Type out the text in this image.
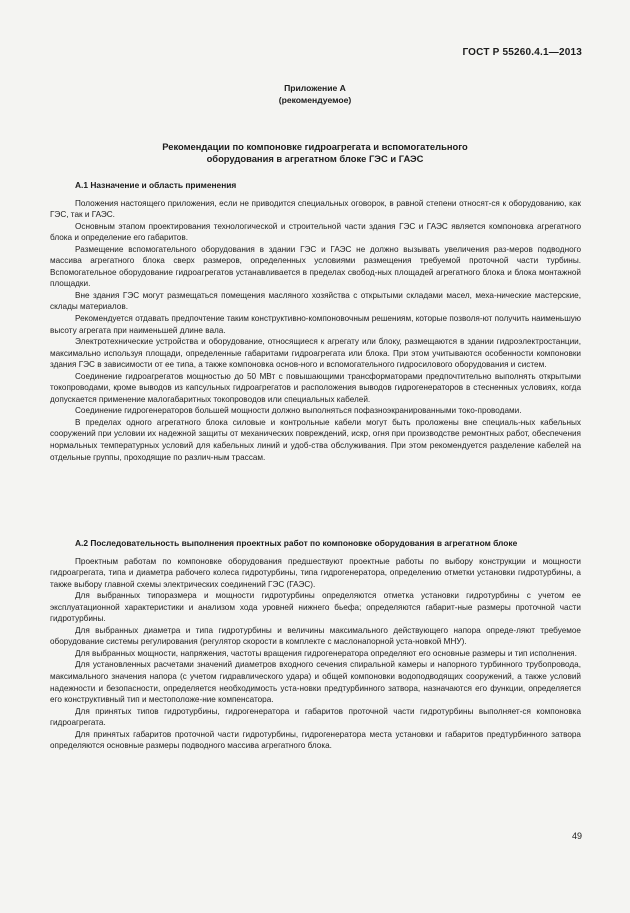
ГОСТ Р 55260.4.1—2013
Приложение А
(рекомендуемое)
Рекомендации по компоновке гидроагрегата и вспомогательного
оборудования в агрегатном блоке ГЭС и ГАЭС
А.1 Назначение и область применения

Положения настоящего приложения, если не приводится специальных оговорок, в равной степени относят-ся к оборудованию, как ГЭС, так и ГАЭС.

Основным этапом проектирования технологической и строительной части здания ГЭС и ГАЭС является компоновка агрегатного блока и определение его габаритов.

Размещение вспомогательного оборудования в здании ГЭС и ГАЭС не должно вызывать увеличения раз-меров подводного массива агрегатного блока сверх размеров, определенных условиями размещения требуемой проточной части турбины. Вспомогательное оборудование гидроагрегатов устанавливается в пределах свобод-ных площадей агрегатного блока и блока монтажной площадки.

Вне здания ГЭС могут размещаться помещения масляного хозяйства с открытыми складами масел, меха-нические мастерские, склады материалов.

Рекомендуется отдавать предпочтение таким конструктивно-компоновочным решениям, которые позволя-ют получить наименьшую высоту агрегата при наименьшей длине вала.

Электротехнические устройства и оборудование, относящиеся к агрегату или блоку, размещаются в здании гидроэлектростанции, максимально используя площади, определенные габаритами гидроагрегата или блока. При этом учитываются особенности компоновки здания ГЭС в зависимости от ее типа, а также компоновка основ-ного и вспомогательного гидросилового оборудования и систем.

Соединение гидроагрегатов мощностью до 50 МВт с повышающими трансформаторами предпочтительно выполнять открытыми токопроводами, кроме выводов из капсульных гидроагрегатов и расположения выводов гидрогенераторов в стесненных условиях, когда допускается применение малогабаритных токопроводов или специальных кабелей.

Соединение гидрогенераторов большей мощности должно выполняться пофазноэкранированными токо-проводами.

В пределах одного агрегатного блока силовые и контрольные кабели могут быть проложены вне специаль-ных кабельных сооружений при условии их надежной защиты от механических повреждений, искр, огня при производстве ремонтных работ, обеспечения нормальных температурных условий для кабельных линий и удоб-ства обслуживания. При этом рекомендуется разделение кабелей на отдельные группы, проходящие по различ-ным трассам.

А.2 Последовательность выполнения проектных работ по компоновке оборудования в агрегатном блоке

Проектным работам по компоновке оборудования предшествуют проектные работы по выбору конструкции и мощности гидроагрегата, типа и диаметра рабочего колеса гидротурбины, типа гидрогенератора, определению отметки установки гидротурбины, а также выбору главной схемы электрических соединений ГЭС (ГАЭС).

Для выбранных типоразмера и мощности гидротурбины определяются отметка установки гидротурбины с учетом ее эксплуатационной характеристики и анализом хода уровней нижнего бьефа; определяются габарит-ные размеры проточной части гидротурбины.

Для выбранных диаметра и типа гидротурбины и величины максимального действующего напора опреде-ляют требуемое оборудование системы регулирования (регулятор скорости в комплекте с маслонапорной уста-новкой МНУ).

Для выбранных мощности, напряжения, частоты вращения гидрогенератора определяют его основные размеры и тип исполнения.

Для установленных расчетами значений диаметров входного сечения спиральной камеры и напорного турбинного трубопровода, максимального значения напора (с учетом гидравлического удара) и общей компоновки водоподводящих сооружений, а также условий надежности и безопасности, определяется необходимость уста-новки предтурбинного затвора, назначаются его функции, определяется его конструктивный тип и местоположе-ние компенсатора.

Для принятых типов гидротурбины, гидрогенератора и габаритов проточной части гидротурбины выполняет-ся компоновка гидроагрегата.

Для принятых габаритов проточной части гидротурбины, гидрогенератора места установки и габаритов предтурбинного затвора определяются основные размеры подводного массива агрегатного блока.

49
